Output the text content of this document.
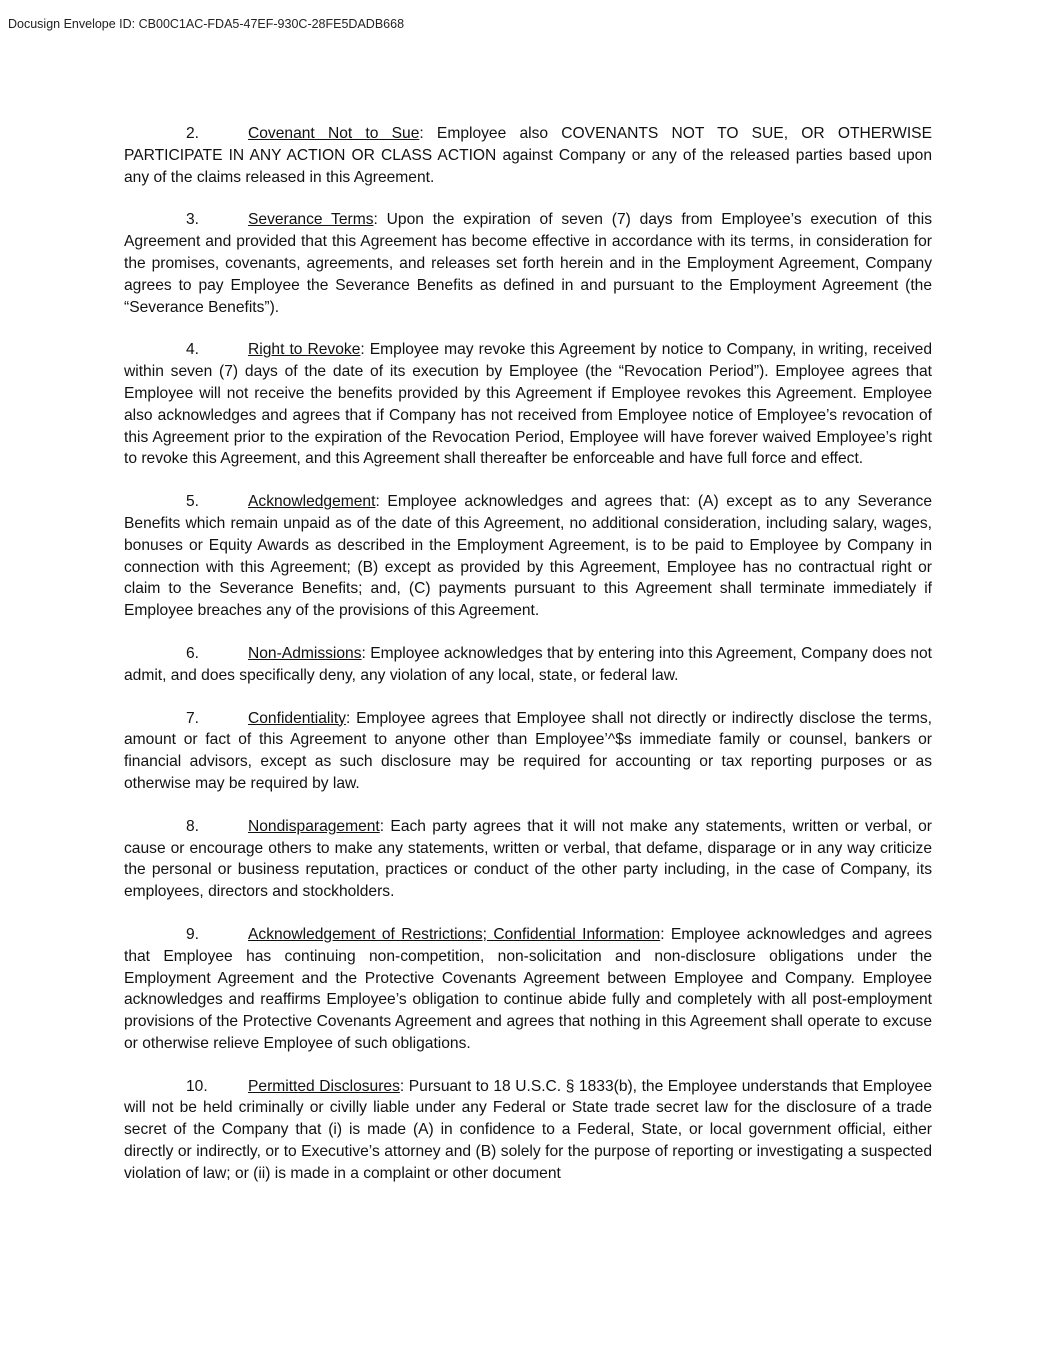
Docusign Envelope ID: CB00C1AC-FDA5-47EF-930C-28FE5DADB668

2.	Covenant Not to Sue: Employee also COVENANTS NOT TO SUE, OR OTHERWISE PARTICIPATE IN ANY ACTION OR CLASS ACTION against Company or any of the released parties based upon any of the claims released in this Agreement.

3.	Severance Terms: Upon the expiration of seven (7) days from Employee’s execution of this Agreement and provided that this Agreement has become effective in accordance with its terms, in consideration for the promises, covenants, agreements, and releases set forth herein and in the Employment Agreement, Company agrees to pay Employee the Severance Benefits as defined in and pursuant to the Employment Agreement (the “Severance Benefits”).

4.	Right to Revoke: Employee may revoke this Agreement by notice to Company, in writing, received within seven (7) days of the date of its execution by Employee (the “Revocation Period”). Employee agrees that Employee will not receive the benefits provided by this Agreement if Employee revokes this Agreement. Employee also acknowledges and agrees that if Company has not received from Employee notice of Employee’s revocation of this Agreement prior to the expiration of the Revocation Period, Employee will have forever waived Employee’s right to revoke this Agreement, and this Agreement shall thereafter be enforceable and have full force and effect.

5.	Acknowledgement: Employee acknowledges and agrees that: (A) except as to any Severance Benefits which remain unpaid as of the date of this Agreement, no additional consideration, including salary, wages, bonuses or Equity Awards as described in the Employment Agreement, is to be paid to Employee by Company in connection with this Agreement; (B) except as provided by this Agreement, Employee has no contractual right or claim to the Severance Benefits; and, (C) payments pursuant to this Agreement shall terminate immediately if Employee breaches any of the provisions of this Agreement.

6.	Non-Admissions: Employee acknowledges that by entering into this Agreement, Company does not admit, and does specifically deny, any violation of any local, state, or federal law.

7.	Confidentiality: Employee agrees that Employee shall not directly or indirectly disclose the terms, amount or fact of this Agreement to anyone other than Employee’^$s immediate family or counsel, bankers or financial advisors, except as such disclosure may be required for accounting or tax reporting purposes or as otherwise may be required by law.

8.	Nondisparagement: Each party agrees that it will not make any statements, written or verbal, or cause or encourage others to make any statements, written or verbal, that defame, disparage or in any way criticize the personal or business reputation, practices or conduct of the other party including, in the case of Company, its employees, directors and stockholders.

9.	Acknowledgement of Restrictions; Confidential Information: Employee acknowledges and agrees that Employee has continuing non-competition, non-solicitation and non-disclosure obligations under the Employment Agreement and the Protective Covenants Agreement between Employee and Company. Employee acknowledges and reaffirms Employee’s obligation to continue abide fully and completely with all post-employment provisions of the Protective Covenants Agreement and agrees that nothing in this Agreement shall operate to excuse or otherwise relieve Employee of such obligations.

10.	Permitted Disclosures: Pursuant to 18 U.S.C. § 1833(b), the Employee understands that Employee will not be held criminally or civilly liable under any Federal or State trade secret law for the disclosure of a trade secret of the Company that (i) is made (A) in confidence to a Federal, State, or local government official, either directly or indirectly, or to Executive’s attorney and (B) solely for the purpose of reporting or investigating a suspected violation of law; or (ii) is made in a complaint or other document
